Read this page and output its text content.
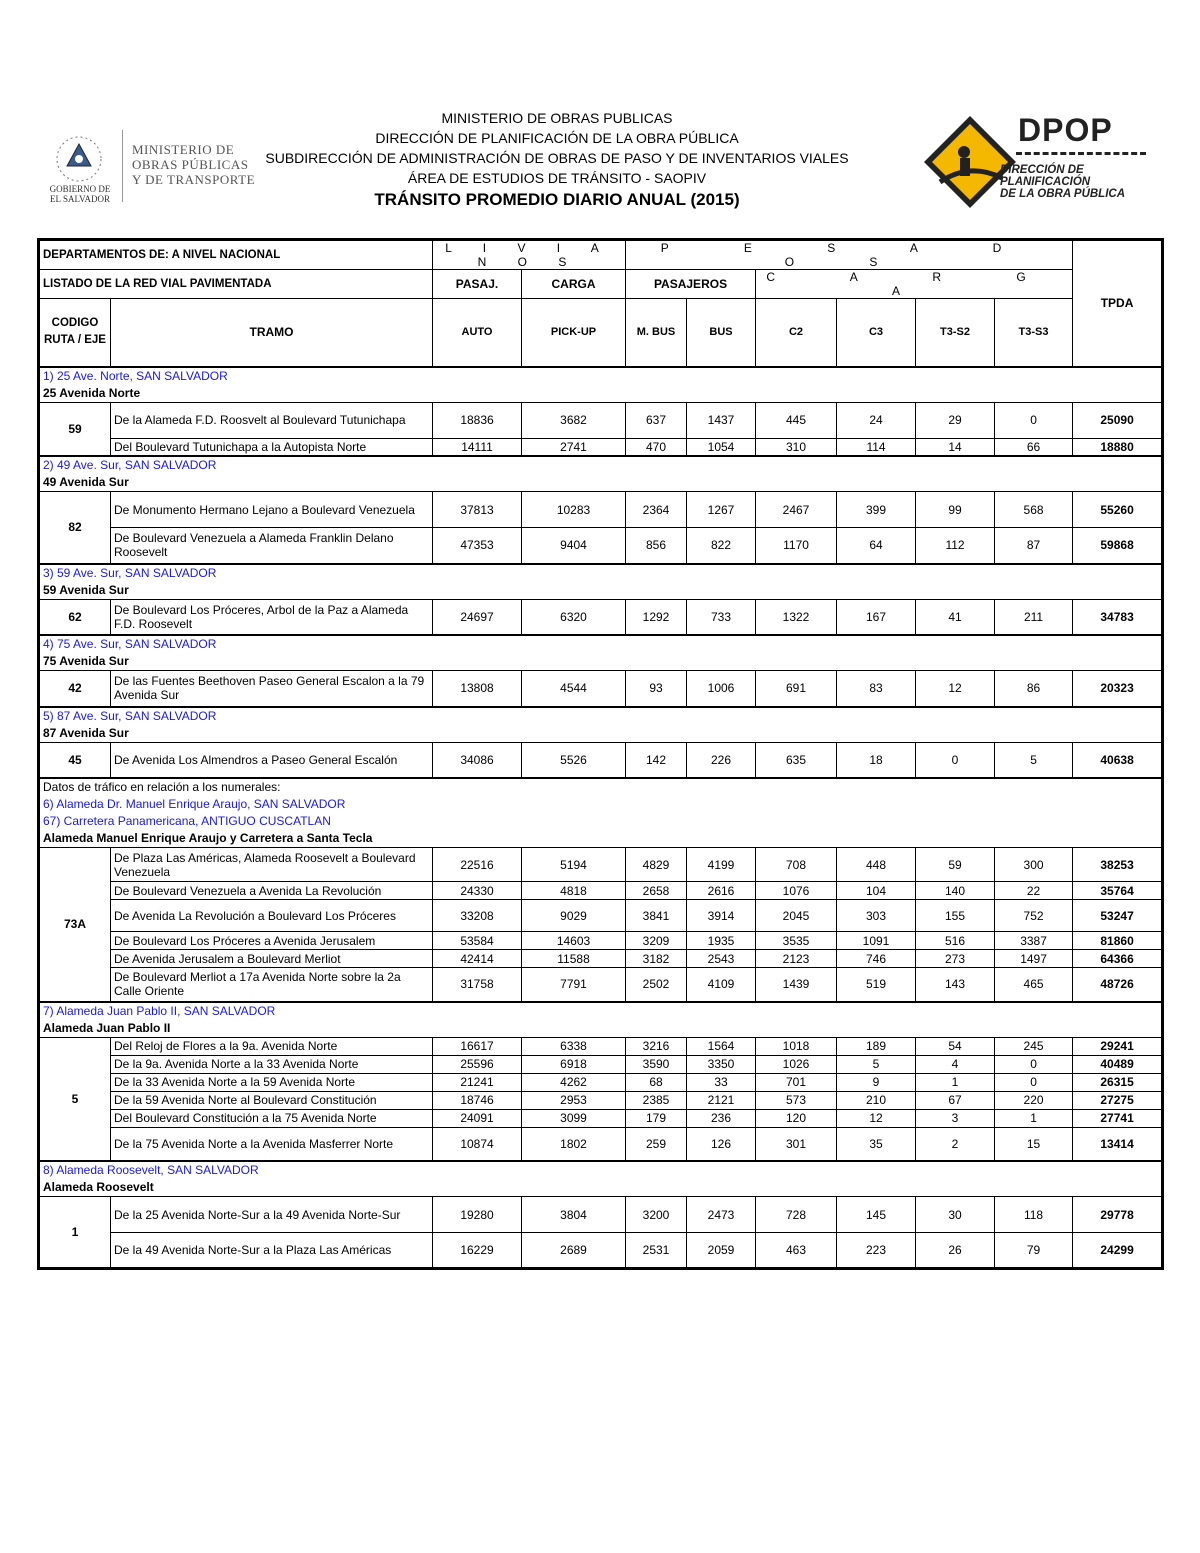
GOBIERNO DE
EL SALVADOR
MINISTERIO DE
OBRAS PÚBLICAS
Y DE TRANSPORTE
MINISTERIO DE OBRAS PUBLICAS
DIRECCIÓN DE PLANIFICACIÓN DE LA OBRA PÚBLICA
SUBDIRECCIÓN DE ADMINISTRACIÓN DE OBRAS DE PASO Y DE INVENTARIOS VIALES
ÁREA DE ESTUDIOS DE TRÁNSITO - SAOPIV
TRÁNSITO PROMEDIO DIARIO ANUAL (2015)
DPOP
DIRECCIÓN DE
PLANIFICACIÓN
DE LA OBRA PÚBLICA
DEPARTAMENTOS DE: A NIVEL NACIONAL		L I V I A N O S		P E S A D O S						TPDA
LISTADO DE LA RED VIAL PAVIMENTADA		PASAJ.	CARGA	PASAJEROS		C A R G A				
CODIGO RUTA / EJE	TRAMO	AUTO	PICK-UP	M. BUS	BUS	C2	C3	T3-S2	T3-S3	

1) 25 Ave. Norte, SAN SALVADOR
25 Avenida Norte										

59	De la Alameda F.D. Roosvelt al Boulevard Tutunichapa	18836	3682	637	1437	445	24	29	0	25090
	Del Boulevard Tutunichapa a la Autopista Norte	14111	2741	470	1054	310	114	14	66	18880

2) 49 Ave. Sur, SAN SALVADOR
49 Avenida Sur										

82	De Monumento Hermano Lejano a Boulevard Venezuela	37813	10283	2364	1267	2467	399	99	568	55260
	De Boulevard Venezuela a Alameda Franklin Delano Roosevelt	47353	9404	856	822	1170	64	112	87	59868

3) 59 Ave. Sur, SAN SALVADOR
59 Avenida Sur										

62	De Boulevard Los Próceres, Arbol de la Paz a Alameda F.D. Roosevelt	24697	6320	1292	733	1322	167	41	211	34783

4) 75 Ave. Sur, SAN SALVADOR
75 Avenida Sur										

42	De las Fuentes Beethoven Paseo General Escalon a la 79 Avenida Sur	13808	4544	93	1006	691	83	12	86	20323

5) 87 Ave. Sur, SAN SALVADOR
87 Avenida Sur										

45	De Avenida Los Almendros a Paseo General Escalón	34086	5526	142	226	635	18	0	5	40638

Datos de tráfico en relación a los numerales:
6) Alameda Dr. Manuel Enrique Araujo, SAN SALVADOR
67) Carretera Panamericana, ANTIGUO CUSCATLAN
Alameda Manuel Enrique Araujo y Carretera a Santa Tecla										

73A	De Plaza Las Américas, Alameda Roosevelt a Boulevard Venezuela	22516	5194	4829	4199	708	448	59	300	38253
	De Boulevard Venezuela a Avenida La Revolución	24330	4818	2658	2616	1076	104	140	22	35764
	De Avenida La Revolución a Boulevard Los Próceres	33208	9029	3841	3914	2045	303	155	752	53247
	De Boulevard Los Próceres a Avenida Jerusalem	53584	14603	3209	1935	3535	1091	516	3387	81860
	De Avenida Jerusalem a Boulevard Merliot	42414	11588	3182	2543	2123	746	273	1497	64366
	De Boulevard Merliot a 17a Avenida Norte sobre la 2a Calle Oriente	31758	7791	2502	4109	1439	519	143	465	48726

7) Alameda Juan Pablo II, SAN SALVADOR
Alameda Juan Pablo II										

5	Del Reloj de Flores a la 9a. Avenida Norte	16617	6338	3216	1564	1018	189	54	245	29241
	De la 9a. Avenida Norte a la 33 Avenida Norte	25596	6918	3590	3350	1026	5	4	0	40489
	De la 33 Avenida Norte a la 59 Avenida Norte	21241	4262	68	33	701	9	1	0	26315
	De la 59 Avenida Norte al Boulevard Constitución	18746	2953	2385	2121	573	210	67	220	27275
	Del Boulevard Constitución a la 75 Avenida Norte	24091	3099	179	236	120	12	3	1	27741
	De la 75 Avenida Norte a la Avenida Masferrer Norte	10874	1802	259	126	301	35	2	15	13414

8) Alameda Roosevelt, SAN SALVADOR
Alameda Roosevelt										

1	De la 25 Avenida Norte-Sur a la 49 Avenida Norte-Sur	19280	3804	3200	2473	728	145	30	118	29778
	De la 49 Avenida Norte-Sur a la Plaza Las Américas	16229	2689	2531	2059	463	223	26	79	24299
